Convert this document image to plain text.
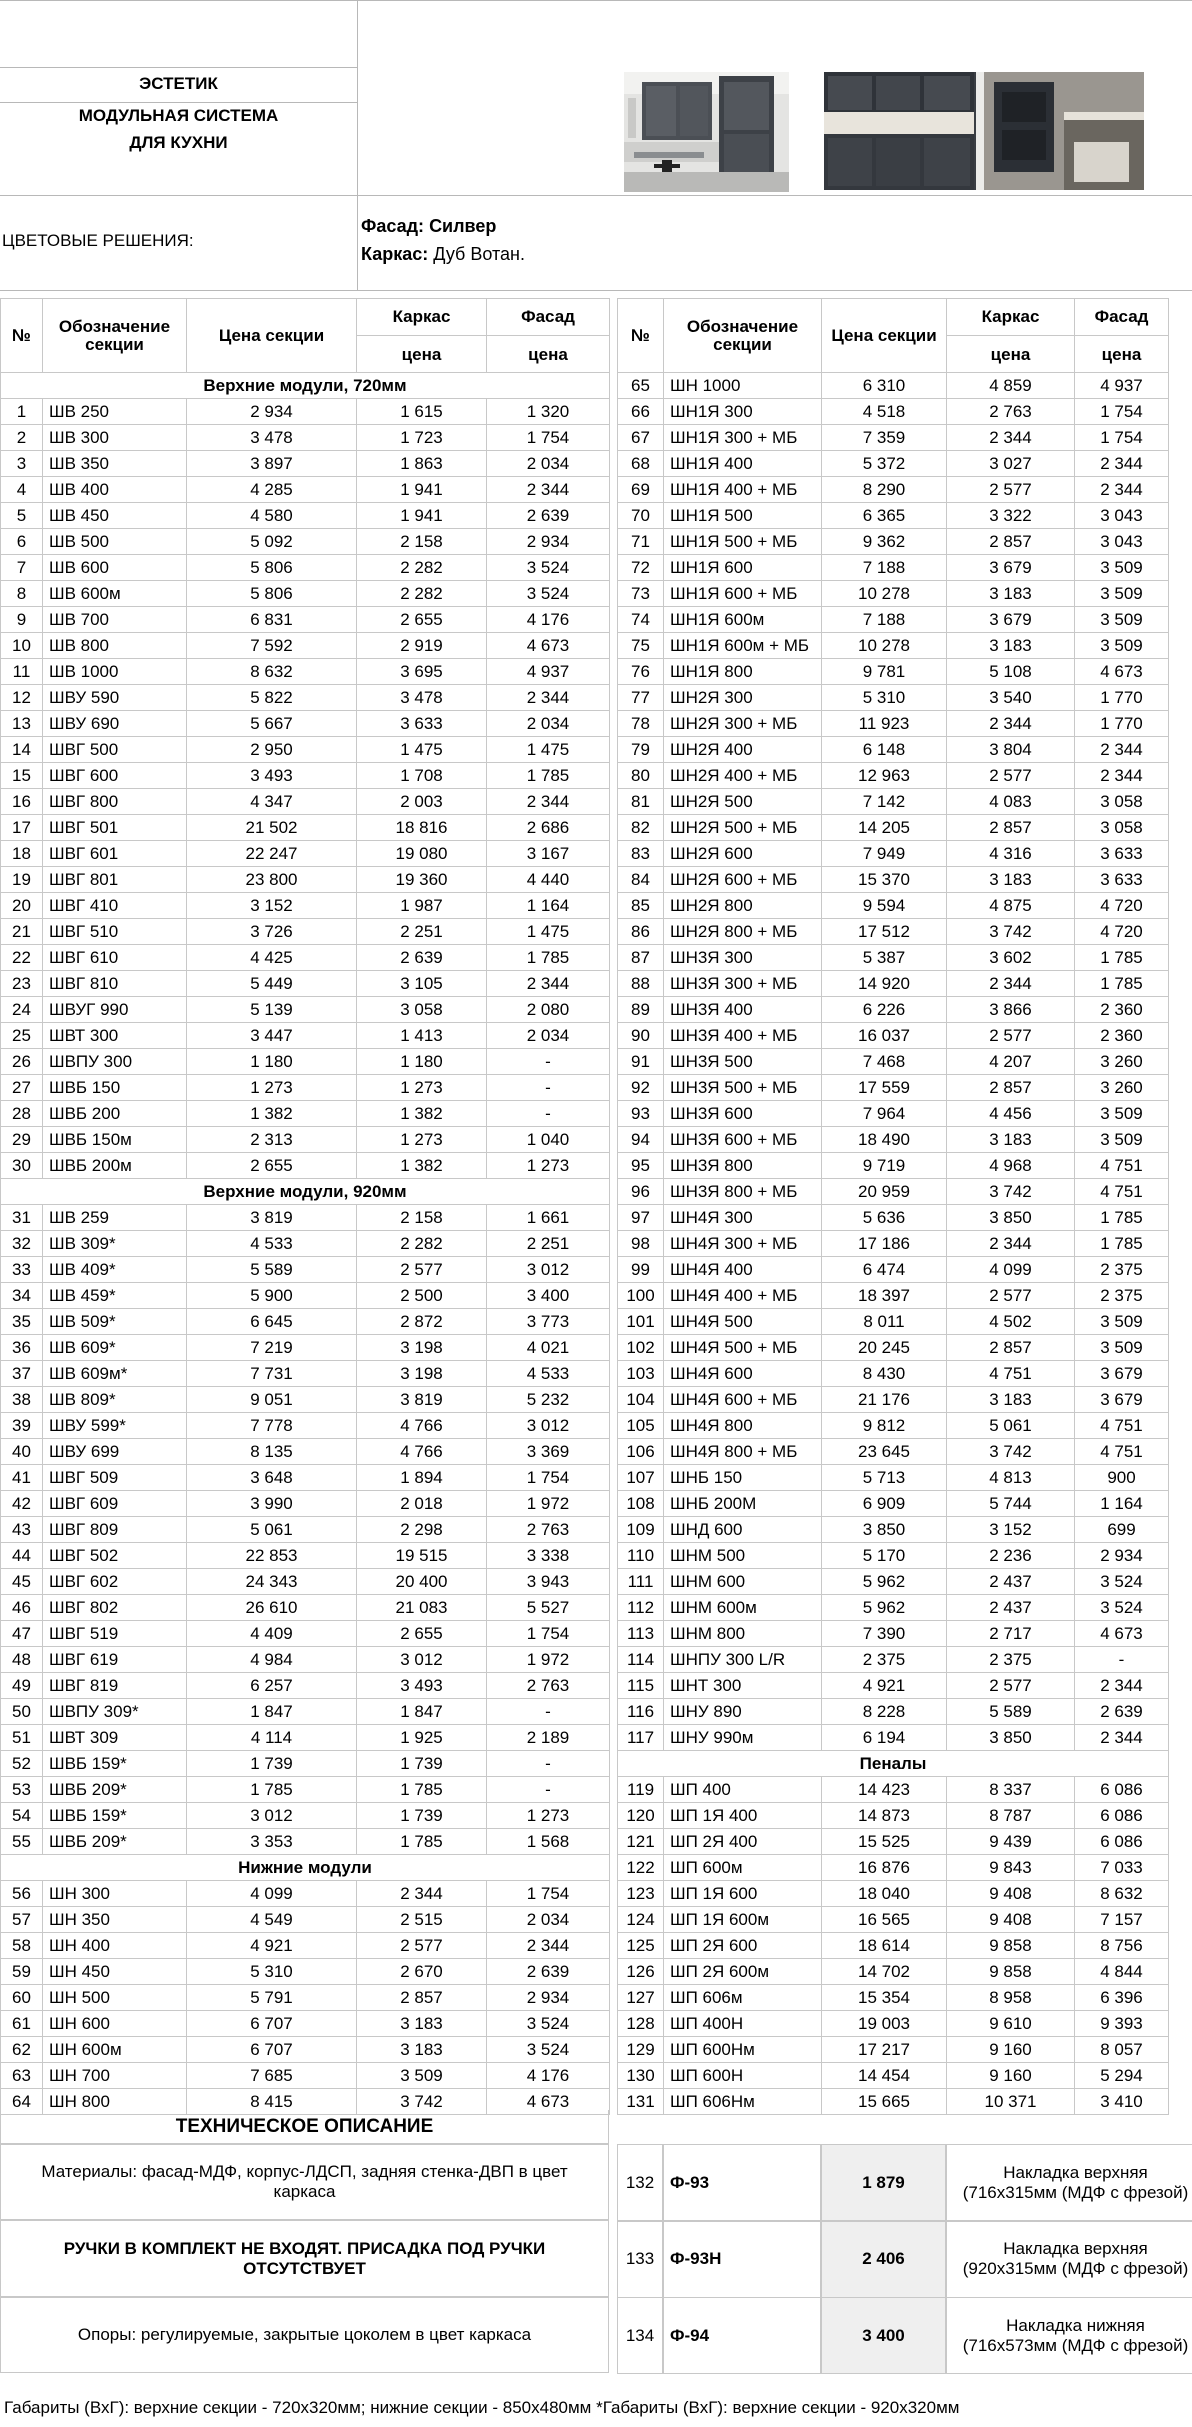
ЭСТЕТИК
МОДУЛЬНАЯ СИСТЕМА
ДЛЯ КУХНИ
ЦВЕТОВЫЕ РЕШЕНИЯ:
Фасад: Силвер
Каркас: Дуб Вотан.
№	Обозначение секции	Цена секции	Каркас	Фасад
			цена	цена
Верхние модули, 720мм				
1	ШВ 250	2 934	1 615	1 320
2	ШВ 300	3 478	1 723	1 754
3	ШВ 350	3 897	1 863	2 034
4	ШВ 400	4 285	1 941	2 344
5	ШВ 450	4 580	1 941	2 639
6	ШВ 500	5 092	2 158	2 934
7	ШВ 600	5 806	2 282	3 524
8	ШВ 600м	5 806	2 282	3 524
9	ШВ 700	6 831	2 655	4 176
10	ШВ 800	7 592	2 919	4 673
11	ШВ 1000	8 632	3 695	4 937
12	ШВУ 590	5 822	3 478	2 344
13	ШВУ 690	5 667	3 633	2 034
14	ШВГ 500	2 950	1 475	1 475
15	ШВГ 600	3 493	1 708	1 785
16	ШВГ 800	4 347	2 003	2 344
17	ШВГ 501	21 502	18 816	2 686
18	ШВГ 601	22 247	19 080	3 167
19	ШВГ 801	23 800	19 360	4 440
20	ШВГ 410	3 152	1 987	1 164
21	ШВГ 510	3 726	2 251	1 475
22	ШВГ 610	4 425	2 639	1 785
23	ШВГ 810	5 449	3 105	2 344
24	ШВУГ 990	5 139	3 058	2 080
25	ШВТ 300	3 447	1 413	2 034
26	ШВПУ 300	1 180	1 180	-
27	ШВБ 150	1 273	1 273	-
28	ШВБ 200	1 382	1 382	-
29	ШВБ 150м	2 313	1 273	1 040
30	ШВБ 200м	2 655	1 382	1 273
Верхние модули, 920мм				
31	ШВ 259	3 819	2 158	1 661
32	ШВ 309*	4 533	2 282	2 251
33	ШВ 409*	5 589	2 577	3 012
34	ШВ 459*	5 900	2 500	3 400
35	ШВ 509*	6 645	2 872	3 773
36	ШВ 609*	7 219	3 198	4 021
37	ШВ 609м*	7 731	3 198	4 533
38	ШВ 809*	9 051	3 819	5 232
39	ШВУ 599*	7 778	4 766	3 012
40	ШВУ 699	8 135	4 766	3 369
41	ШВГ 509	3 648	1 894	1 754
42	ШВГ 609	3 990	2 018	1 972
43	ШВГ 809	5 061	2 298	2 763
44	ШВГ 502	22 853	19 515	3 338
45	ШВГ 602	24 343	20 400	3 943
46	ШВГ 802	26 610	21 083	5 527
47	ШВГ 519	4 409	2 655	1 754
48	ШВГ 619	4 984	3 012	1 972
49	ШВГ 819	6 257	3 493	2 763
50	ШВПУ 309*	1 847	1 847	-
51	ШВТ 309	4 114	1 925	2 189
52	ШВБ 159*	1 739	1 739	-
53	ШВБ 209*	1 785	1 785	-
54	ШВБ 159*	3 012	1 739	1 273
55	ШВБ 209*	3 353	1 785	1 568
Нижние модули				
56	ШН 300	4 099	2 344	1 754
57	ШН 350	4 549	2 515	2 034
58	ШН 400	4 921	2 577	2 344
59	ШН 450	5 310	2 670	2 639
60	ШН 500	5 791	2 857	2 934
61	ШН 600	6 707	3 183	3 524
62	ШН 600м	6 707	3 183	3 524
63	ШН 700	7 685	3 509	4 176
64	ШН 800	8 415	3 742	4 673
№	Обозначение секции	Цена секции	Каркас	Фасад
			цена	цена
65	ШН 1000	6 310	4 859	4 937
66	ШН1Я 300	4 518	2 763	1 754
67	ШН1Я 300 + МБ	7 359	2 344	1 754
68	ШН1Я 400	5 372	3 027	2 344
69	ШН1Я 400 + МБ	8 290	2 577	2 344
70	ШН1Я 500	6 365	3 322	3 043
71	ШН1Я 500 + МБ	9 362	2 857	3 043
72	ШН1Я 600	7 188	3 679	3 509
73	ШН1Я 600 + МБ	10 278	3 183	3 509
74	ШН1Я 600м	7 188	3 679	3 509
75	ШН1Я 600м + МБ	10 278	3 183	3 509
76	ШН1Я 800	9 781	5 108	4 673
77	ШН2Я 300	5 310	3 540	1 770
78	ШН2Я 300 + МБ	11 923	2 344	1 770
79	ШН2Я 400	6 148	3 804	2 344
80	ШН2Я 400 + МБ	12 963	2 577	2 344
81	ШН2Я 500	7 142	4 083	3 058
82	ШН2Я 500 + МБ	14 205	2 857	3 058
83	ШН2Я 600	7 949	4 316	3 633
84	ШН2Я 600 + МБ	15 370	3 183	3 633
85	ШН2Я 800	9 594	4 875	4 720
86	ШН2Я 800 + МБ	17 512	3 742	4 720
87	ШН3Я 300	5 387	3 602	1 785
88	ШН3Я 300 + МБ	14 920	2 344	1 785
89	ШН3Я 400	6 226	3 866	2 360
90	ШН3Я 400 + МБ	16 037	2 577	2 360
91	ШН3Я 500	7 468	4 207	3 260
92	ШН3Я 500 + МБ	17 559	2 857	3 260
93	ШН3Я 600	7 964	4 456	3 509
94	ШН3Я 600 + МБ	18 490	3 183	3 509
95	ШН3Я 800	9 719	4 968	4 751
96	ШН3Я 800 + МБ	20 959	3 742	4 751
97	ШН4Я 300	5 636	3 850	1 785
98	ШН4Я 300 + МБ	17 186	2 344	1 785
99	ШН4Я 400	6 474	4 099	2 375
100	ШН4Я 400 + МБ	18 397	2 577	2 375
101	ШН4Я 500	8 011	4 502	3 509
102	ШН4Я 500 + МБ	20 245	2 857	3 509
103	ШН4Я 600	8 430	4 751	3 679
104	ШН4Я 600 + МБ	21 176	3 183	3 679
105	ШН4Я 800	9 812	5 061	4 751
106	ШН4Я 800 + МБ	23 645	3 742	4 751
107	ШНБ 150	5 713	4 813	900
108	ШНБ 200М	6 909	5 744	1 164
109	ШНД 600	3 850	3 152	699
110	ШНМ 500	5 170	2 236	2 934
111	ШНМ 600	5 962	2 437	3 524
112	ШНМ 600м	5 962	2 437	3 524
113	ШНМ 800	7 390	2 717	4 673
114	ШНПУ 300 L/R	2 375	2 375	-
115	ШНТ 300	4 921	2 577	2 344
116	ШНУ 890	8 228	5 589	2 639
117	ШНУ 990м	6 194	3 850	2 344
Пеналы				
119	ШП 400	14 423	8 337	6 086
120	ШП 1Я 400	14 873	8 787	6 086
121	ШП 2Я 400	15 525	9 439	6 086
122	ШП 600м	16 876	9 843	7 033
123	ШП 1Я 600	18 040	9 408	8 632
124	ШП 1Я 600м	16 565	9 408	7 157
125	ШП 2Я 600	18 614	9 858	8 756
126	ШП 2Я 600м	14 702	9 858	4 844
127	ШП 606м	15 354	8 958	6 396
128	ШП 400Н	19 003	9 610	9 393
129	ШП 600Нм	17 217	9 160	8 057
130	ШП 600Н	14 454	9 160	5 294
131	ШП 606Нм	15 665	10 371	3 410
ТЕХНИЧЕСКОЕ ОПИСАНИЕ
Материалы: фасад-МДФ, корпус-ЛДСП, задняя стенка-ДВП в цвет каркаса
РУЧКИ В КОМПЛЕКТ НЕ ВХОДЯТ. ПРИСАДКА ПОД РУЧКИ ОТСУТСТВУЕТ
Опоры: регулируемые, закрытые цоколем в цвет каркаса
132 Ф-93	1 879
Накладка верхняя (716х315мм (МДФ с фрезой)
133 Ф-93Н	2 406
Накладка верхняя (920х315мм (МДФ с фрезой)
134 Ф-94	3 400
Накладка нижняя (716х573мм (МДФ с фрезой)
Габариты (ВхГ): верхние секции - 720х320мм; нижние секции - 850х480мм *Габариты (ВхГ): верхние секции - 920х320мм
